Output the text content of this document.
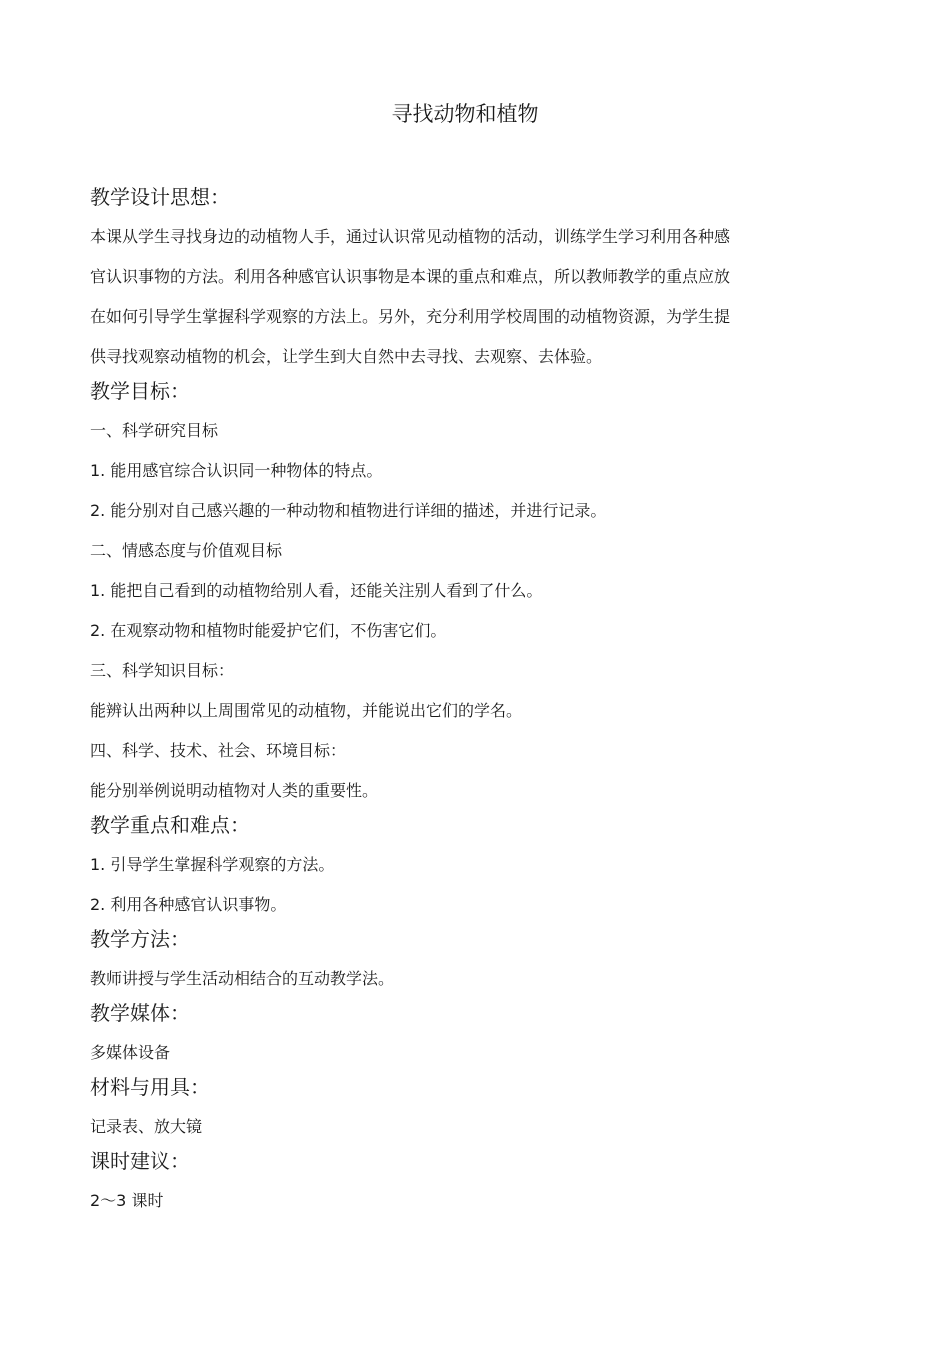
寻找动物和植物
教学设计思想：
本课从学生寻找身边的动植物人手，通过认识常见动植物的活动，训练学生学习利用各种感
官认识事物的方法。利用各种感官认识事物是本课的重点和难点，所以教师教学的重点应放
在如何引导学生掌握科学观察的方法上。另外，充分利用学校周围的动植物资源，为学生提
供寻找观察动植物的机会，让学生到大自然中去寻找、去观察、去体验。
教学目标：
一、科学研究目标
1. 能用感官综合认识同一种物体的特点。
2. 能分别对自己感兴趣的一种动物和植物进行详细的描述，并进行记录。
二、情感态度与价值观目标
1. 能把自己看到的动植物给别人看，还能关注别人看到了什么。
2. 在观察动物和植物时能爱护它们，不伤害它们。
三、科学知识目标：
能辨认出两种以上周围常见的动植物，并能说出它们的学名。
四、科学、技术、社会、环境目标：
能分别举例说明动植物对人类的重要性。
教学重点和难点：
1. 引导学生掌握科学观察的方法。
2. 利用各种感官认识事物。
教学方法：
教师讲授与学生活动相结合的互动教学法。
教学媒体：
多媒体设备
材料与用具：
记录表、放大镜
课时建议：
2～3 课时
